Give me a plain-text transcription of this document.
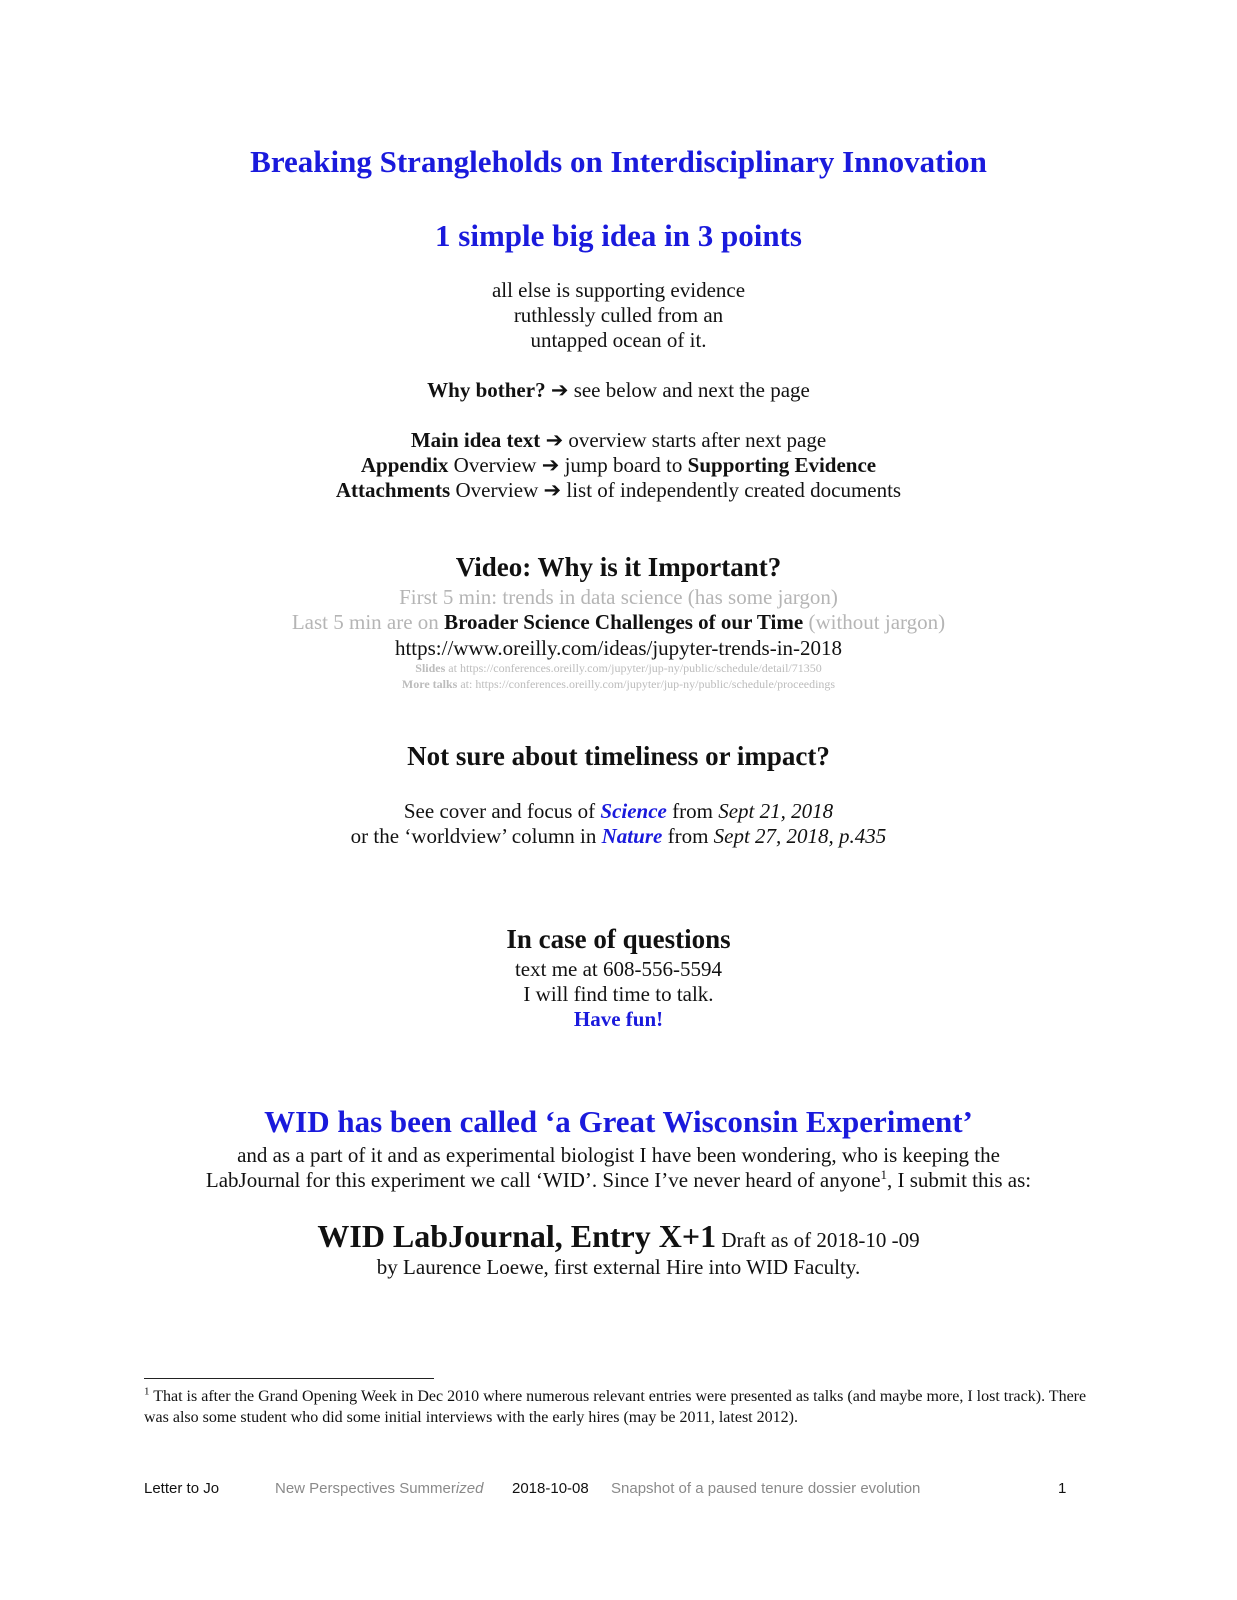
Breaking Strangleholds on Interdisciplinary Innovation
1 simple big idea in 3 points
all else is supporting evidence
ruthlessly culled from an
untapped ocean of it.
Why bother? ➔ see below and next the page
Main idea text ➔ overview starts after next page
Appendix Overview ➔ jump board to Supporting Evidence
Attachments Overview ➔ list of independently created documents
Video: Why is it Important?
First 5 min: trends in data science (has some jargon)
Last 5 min are on Broader Science Challenges of our Time (without jargon)
https://www.oreilly.com/ideas/jupyter-trends-in-2018
Slides at https://conferences.oreilly.com/jupyter/jup-ny/public/schedule/detail/71350
More talks at: https://conferences.oreilly.com/jupyter/jup-ny/public/schedule/proceedings
Not sure about timeliness or impact?
See cover and focus of Science from Sept 21, 2018
or the ‘worldview’ column in Nature from Sept 27, 2018, p.435
In case of questions
text me at 608-556-5594
I will find time to talk.
Have fun!
WID has been called ‘a Great Wisconsin Experiment’
and as a part of it and as experimental biologist I have been wondering, who is keeping the
LabJournal for this experiment we call ‘WID’. Since I’ve never heard of anyone$^1$, I submit this as:
WID LabJournal, Entry X+1 Draft as of 2018-10 -09
by Laurence Loewe, first external Hire into WID Faculty.
$^1$ That is after the Grand Opening Week in Dec 2010 where numerous relevant entries were presented as talks (and maybe more, I lost track). There was also some student who did some initial interviews with the early hires (may be 2011, latest 2012).
Letter to Jo	New Perspectives Summerized 2018-10-08 Snapshot of a paused tenure dossier evolution	1
